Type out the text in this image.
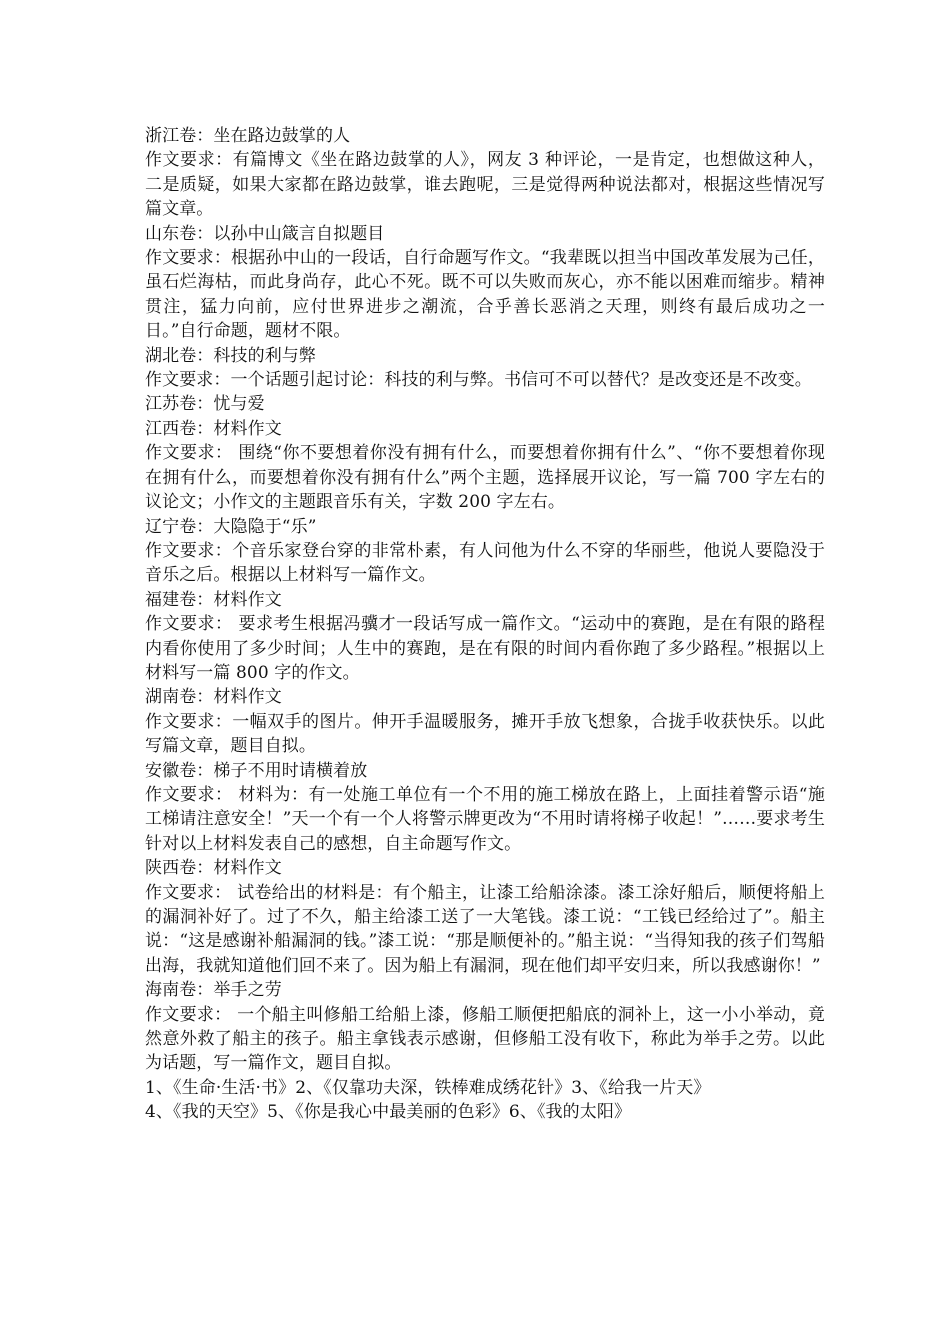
浙江卷：坐在路边鼓掌的人

作文要求：有篇博文《坐在路边鼓掌的人》，网友 3 种评论，一是肯定，也想做这种人，二是质疑，如果大家都在路边鼓掌，谁去跑呢，三是觉得两种说法都对，根据这些情况写篇文章。

山东卷：以孙中山箴言自拟题目

作文要求：根据孙中山的一段话，自行命题写作文。“我辈既以担当中国改革发展为己任，虽石烂海枯，而此身尚存，此心不死。既不可以失败而灰心，亦不能以困难而缩步。精神贯注，猛力向前，应付世界进步之潮流，合乎善长恶消之天理，则终有最后成功之一日。”自行命题，题材不限。

湖北卷：科技的利与弊

作文要求：一个话题引起讨论：科技的利与弊。书信可不可以替代？是改变还是不改变。

江苏卷：忧与爱

江西卷：材料作文

作文要求： 围绕“你不要想着你没有拥有什么，而要想着你拥有什么”、“你不要想着你现在拥有什么，而要想着你没有拥有什么”两个主题，选择展开议论，写一篇 700 字左右的议论文；小作文的主题跟音乐有关，字数 200 字左右。

辽宁卷：大隐隐于“乐”

作文要求：个音乐家登台穿的非常朴素，有人问他为什么不穿的华丽些，他说人要隐没于音乐之后。根据以上材料写一篇作文。

福建卷：材料作文

作文要求： 要求考生根据冯骥才一段话写成一篇作文。“运动中的赛跑，是在有限的路程内看你使用了多少时间；人生中的赛跑，是在有限的时间内看你跑了多少路程。”根据以上材料写一篇 800 字的作文。

湖南卷：材料作文

作文要求：一幅双手的图片。伸开手温暖服务，摊开手放飞想象，合拢手收获快乐。以此写篇文章，题目自拟。

安徽卷：梯子不用时请横着放

作文要求： 材料为：有一处施工单位有一个不用的施工梯放在路上，上面挂着警示语“施工梯请注意安全！”天一个有一个人将警示牌更改为“不用时请将梯子收起！”……要求考生针对以上材料发表自己的感想，自主命题写作文。

陕西卷：材料作文

作文要求： 试卷给出的材料是：有个船主，让漆工给船涂漆。漆工涂好船后，顺便将船上的漏洞补好了。过了不久，船主给漆工送了一大笔钱。漆工说：“工钱已经给过了”。船主说：“这是感谢补船漏洞的钱。”漆工说：“那是顺便补的。”船主说：“当得知我的孩子们驾船出海，我就知道他们回不来了。因为船上有漏洞，现在他们却平安归来，所以我感谢你！”

海南卷：举手之劳

作文要求： 一个船主叫修船工给船上漆，修船工顺便把船底的洞补上，这一小小举动，竟然意外救了船主的孩子。船主拿钱表示感谢，但修船工没有收下，称此为举手之劳。以此为话题，写一篇作文，题目自拟。

1、《生命·生活·书》2、《仅靠功夫深，铁棒难成绣花针》3、《给我一片天》

4、《我的天空》5、《你是我心中最美丽的色彩》6、《我的太阳》
